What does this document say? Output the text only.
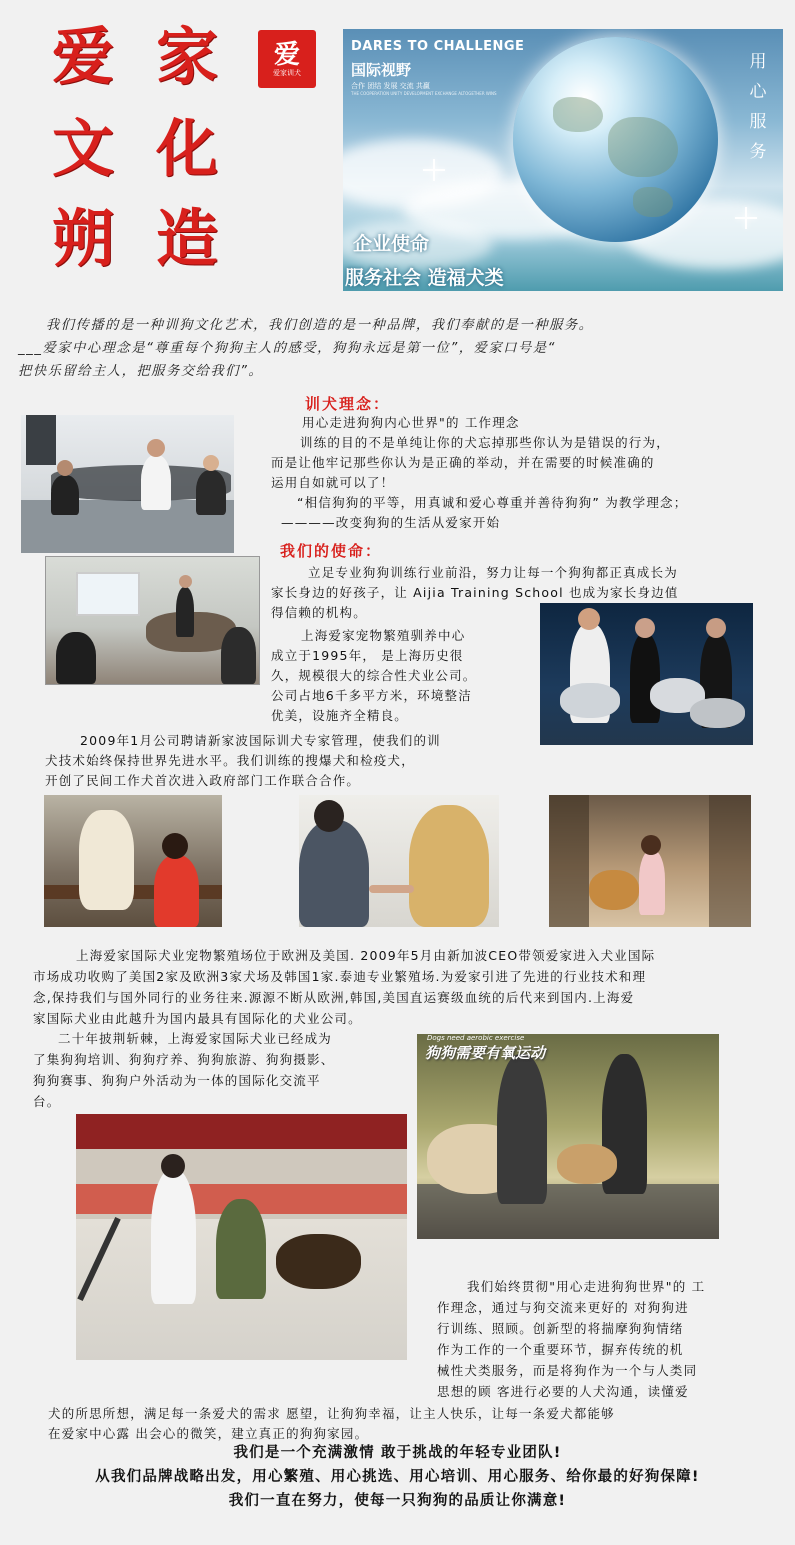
爱 家
文 化
朔 造
爱
爱家训犬
DARES TO CHALLENGE
国际视野
合作 团结 发展 交流 共赢
THE COOPERATION UNITY DEVELOPMENT EXCHANGE ALTOGETHER WINS
用
心
服
务
企业使命
服务社会 造福犬类
我们传播的是一种训狗文化艺术，我们创造的是一种品牌，我们奉献的是一种服务。
___爱家中心理念是“尊重每个狗狗主人的感受，狗狗永远是第一位”，爱家口号是“
把快乐留给主人，把服务交给我们”。
训犬理念：
用心走进狗狗内心世界"的 工作理念
训练的目的不是单纯让你的犬忘掉那些你认为是错误的行为，
而是让他牢记那些你认为是正确的举动，并在需要的时候准确的
运用自如就可以了！
“相信狗狗的平等，用真诚和爱心尊重并善待狗狗” 为教学理念；
————改变狗狗的生活从爱家开始
我们的使命：
立足专业狗狗训练行业前沿，努力让每一个狗狗都正真成长为
家长身边的好孩子，让 Aijia Training School 也成为家长身边值
得信赖的机构。
上海爱家宠物繁殖驯养中心
成立于1995年， 是上海历史很
久，规模很大的综合性犬业公司。
公司占地6千多平方米，环境整洁
优美，设施齐全精良。
2009年1月公司聘请新家波国际训犬专家管理，使我们的训
犬技术始终保持世界先进水平。我们训练的搜爆犬和检疫犬，
开创了民间工作犬首次进入政府部门工作联合合作。
上海爱家国际犬业宠物繁殖场位于欧洲及美国. 2009年5月由新加波CEO带领爱家进入犬业国际
市场成功收购了美国2家及欧洲3家犬场及韩国1家.泰迪专业繁殖场.为爱家引进了先进的行业技术和理
念,保持我们与国外同行的业务往来.源源不断从欧洲,韩国,美国直运赛级血统的后代来到国内.上海爱
家国际犬业由此越升为国内最具有国际化的犬业公司。
二十年披荆斩棘，上海爱家国际犬业已经成为
了集狗狗培训、狗狗疗养、狗狗旅游、狗狗摄影、
狗狗赛事、狗狗户外活动为一体的国际化交流平
台。
Dogs need aerobic exercise
狗狗需要有氧运动
我们始终贯彻"用心走进狗狗世界"的 工
作理念，通过与狗交流来更好的 对狗狗进
行训练、照顾。创新型的将揣摩狗狗情绪
作为工作的一个重要环节，摒弃传统的机
械性犬类服务，而是将狗作为一个与人类同
思想的顾 客进行必要的人犬沟通，读懂爱
犬的所思所想，满足每一条爱犬的需求 愿望，让狗狗幸福，让主人快乐，让每一条爱犬都能够
在爱家中心露 出会心的微笑，建立真正的狗狗家园。
我们是一个充满激情 敢于挑战的年轻专业团队!
从我们品牌战略出发，用心繁殖、用心挑选、用心培训、用心服务、给你最的好狗保障!
我们一直在努力，使每一只狗狗的品质让你满意!
